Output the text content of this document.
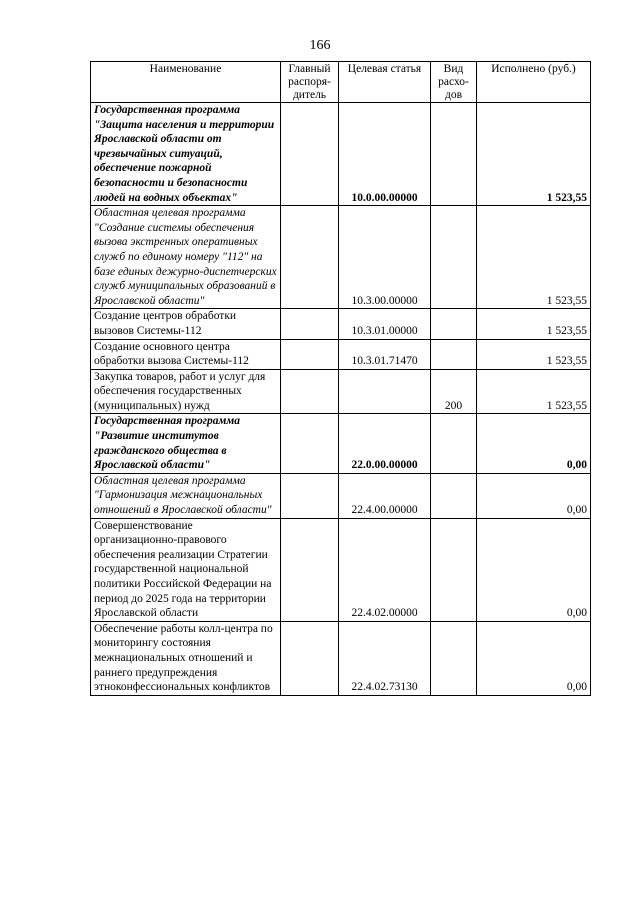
166
Наименование	Главный распоря-дитель	Целевая статья	Вид расхо-дов	Исполнено (руб.)
Государственная программа "Защита населения и территории Ярославской области от чрезвычайных ситуаций, обеспечение пожарной безопасности и безопасности людей на водных объектах"		10.0.00.00000		1 523,55
Областная целевая программа "Создание системы обеспечения вызова экстренных оперативных служб по единому номеру "112" на базе единых дежурно-диспетчерских служб муниципальных образований в Ярославской области"		10.3.00.00000		1 523,55
Создание центров обработки вызовов Системы-112		10.3.01.00000		1 523,55
Создание основного центра обработки вызова Системы-112		10.3.01.71470		1 523,55
Закупка товаров, работ и услуг для обеспечения государственных (муниципальных) нужд			200	1 523,55
Государственная программа "Развитие институтов гражданского общества в Ярославской области"		22.0.00.00000		0,00
Областная целевая программа "Гармонизация межнациональных отношений в Ярославской области"		22.4.00.00000		0,00
Совершенствование организационно-правового обеспечения реализации Стратегии государственной национальной политики Российской Федерации на период до 2025 года на территории Ярославской области		22.4.02.00000		0,00
Обеспечение работы колл-центра по мониторингу состояния межнациональных отношений и раннего предупреждения этноконфессиональных конфликтов		22.4.02.73130		0,00
